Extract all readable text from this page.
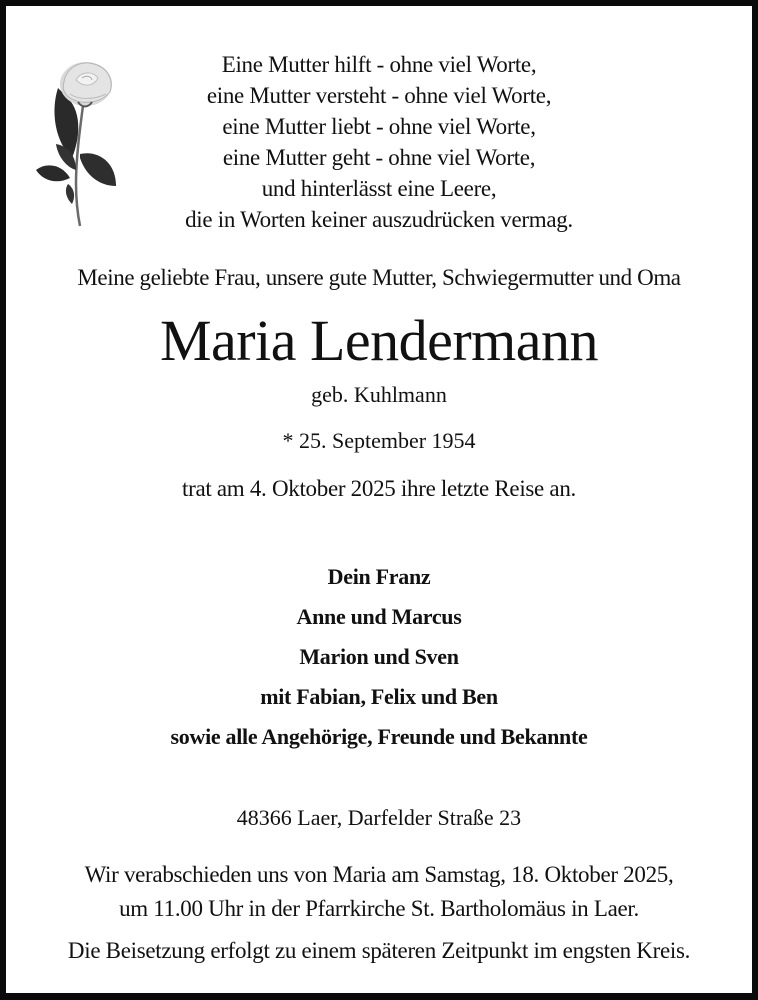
Eine Mutter hilft - ohne viel Worte,
eine Mutter versteht - ohne viel Worte,
eine Mutter liebt - ohne viel Worte,
eine Mutter geht - ohne viel Worte,
und hinterlässt eine Leere,
die in Worten keiner auszudrücken vermag.
Meine geliebte Frau, unsere gute Mutter, Schwiegermutter und Oma
Maria Lendermann
geb. Kuhlmann
* 25. September 1954
trat am 4. Oktober 2025 ihre letzte Reise an.
Dein Franz
Anne und Marcus
Marion und Sven
mit Fabian, Felix und Ben
sowie alle Angehörige, Freunde und Bekannte
48366 Laer, Darfelder Straße 23
Wir verabschieden uns von Maria am Samstag, 18. Oktober 2025,
um 11.00 Uhr in der Pfarrkirche St. Bartholomäus in Laer.
Die Beisetzung erfolgt zu einem späteren Zeitpunkt im engsten Kreis.
